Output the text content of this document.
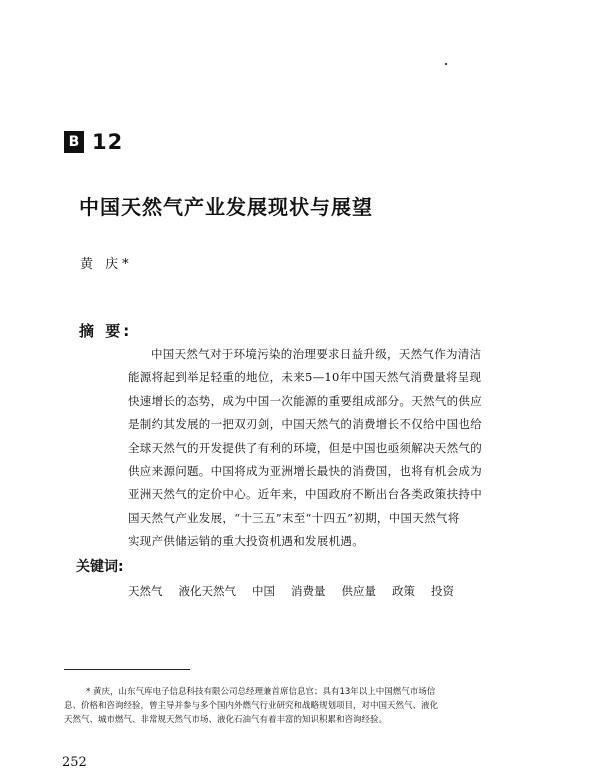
B 12
中国天然气产业发展现状与展望
黄 庆*
摘 要:
中国天然气对于环境污染的治理要求日益升级，天然气作为清洁
能源将起到举足轻重的地位，未来5—10年中国天然气消费量将呈现
快速增长的态势，成为中国一次能源的重要组成部分。天然气的供应
是制约其发展的一把双刃剑，中国天然气的消费增长不仅给中国也给
全球天然气的开发提供了有利的环境，但是中国也亟须解决天然气的
供应来源问题。中国将成为亚洲增长最快的消费国，也将有机会成为
亚洲天然气的定价中心。近年来，中国政府不断出台各类政策扶持中
国天然气产业发展，“十三五”末至“十四五”初期，中国天然气将
实现产供储运销的重大投资机遇和发展机遇。
关键词:
天然气 液化天然气 中国 消费量 供应量 政策 投资
* 黄庆，山东气库电子信息科技有限公司总经理兼首席信息官；具有13年以上中国燃气市场信
息、价格和咨询经验，曾主导并参与多个国内外燃气行业研究和战略规划项目，对中国天然气、液化
天然气、城市燃气、非常规天然气市场、液化石油气有着丰富的知识积累和咨询经验。
252
